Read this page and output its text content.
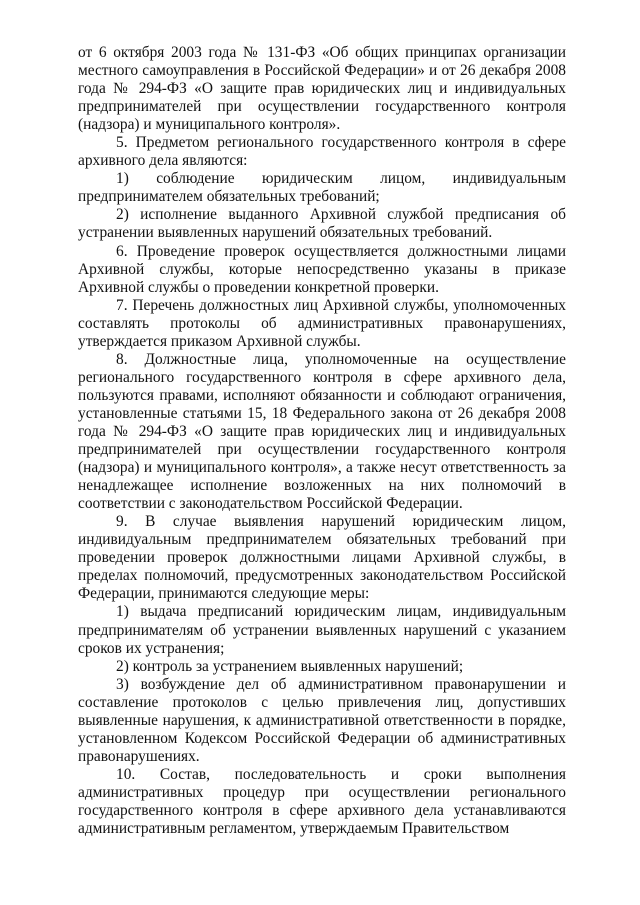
от 6 октября 2003 года № 131-ФЗ «Об общих принципах организации местного самоуправления в Российской Федерации» и от 26 декабря 2008 года № 294-ФЗ «О защите прав юридических лиц и индивидуальных предпринимателей при осуществлении государственного контроля (надзора) и муниципального контроля».

5. Предметом регионального государственного контроля в сфере архивного дела являются:

1) соблюдение юридическим лицом, индивидуальным предпринимателем обязательных требований;

2) исполнение выданного Архивной службой предписания об устранении выявленных нарушений обязательных требований.

6. Проведение проверок осуществляется должностными лицами Архивной службы, которые непосредственно указаны в приказе Архивной службы о проведении конкретной проверки.

7. Перечень должностных лиц Архивной службы, уполномоченных составлять протоколы об административных правонарушениях, утверждается приказом Архивной службы.

8. Должностные лица, уполномоченные на осуществление регионального государственного контроля в сфере архивного дела, пользуются правами, исполняют обязанности и соблюдают ограничения, установленные статьями 15, 18 Федерального закона от 26 декабря 2008 года № 294-ФЗ «О защите прав юридических лиц и индивидуальных предпринимателей при осуществлении государственного контроля (надзора) и муниципального контроля», а также несут ответственность за ненадлежащее исполнение возложенных на них полномочий в соответствии с законодательством Российской Федерации.

9. В случае выявления нарушений юридическим лицом, индивидуальным предпринимателем обязательных требований при проведении проверок должностными лицами Архивной службы, в пределах полномочий, предусмотренных законодательством Российской Федерации, принимаются следующие меры:

1) выдача предписаний юридическим лицам, индивидуальным предпринимателям об устранении выявленных нарушений с указанием сроков их устранения;

2) контроль за устранением выявленных нарушений;

3) возбуждение дел об административном правонарушении и составление протоколов с целью привлечения лиц, допустивших выявленные нарушения, к административной ответственности в порядке, установленном Кодексом Российской Федерации об административных правонарушениях.

10. Состав, последовательность и сроки выполнения административных процедур при осуществлении регионального государственного контроля в сфере архивного дела устанавливаются административным регламентом, утверждаемым Правительством
